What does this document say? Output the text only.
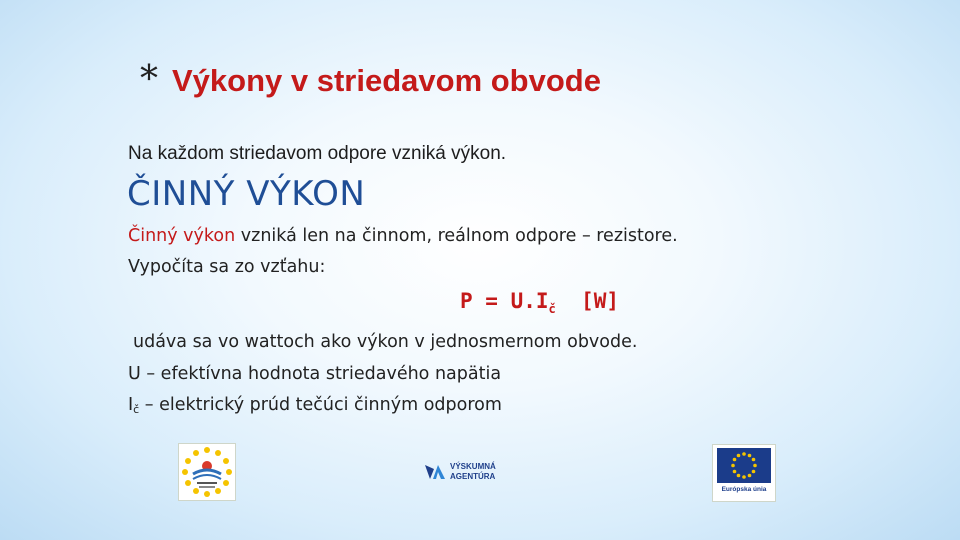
* Výkony v striedavom obvode
Na každom striedavom odpore vzniká výkon.
ČINNÝ VÝKON
Činný výkon vzniká len na činnom, reálnom odpore – rezistore.
Vypočíta sa zo vzťahu:
$P = U.I_č$ [W]
udáva sa vo wattoch ako výkon v jednosmernom obvode.
U – efektívna hodnota striedavého napätia
Ič – elektrický prúd tečúci činným odporom
VÝSKUMNÁ
AGENTÚRA
Európska únia
